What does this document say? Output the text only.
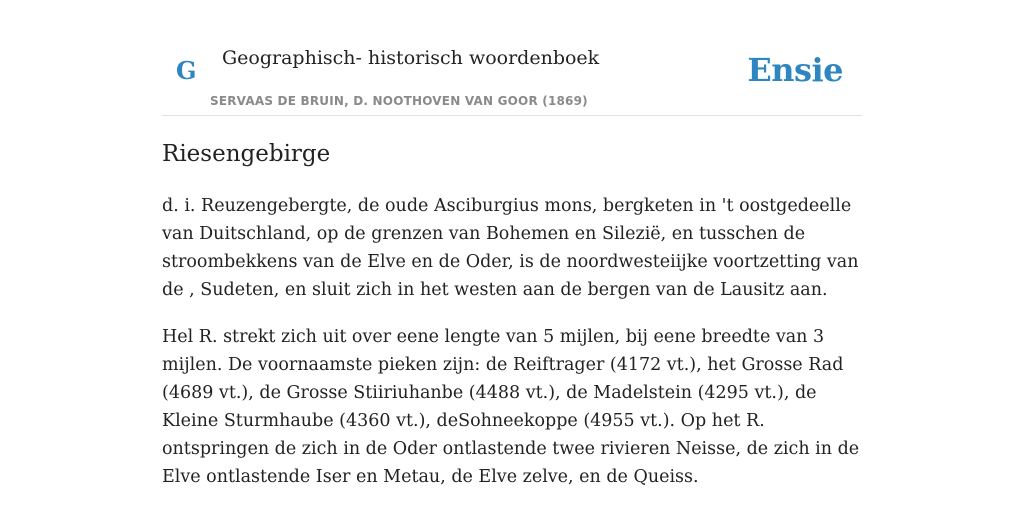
G Geographisch- historisch woordenboek
SERVAAS DE BRUIN, D. NOOTHOVEN VAN GOOR (1869)
Ensie
Riesengebirge

d. i. Reuzengebergte, de oude Asciburgius mons, bergketen in 't oostgedeelle van Duitschland, op de grenzen van Bohemen en Silezië, en tusschen de stroombekkens van de Elve en de Oder, is de noordwesteiijke voortzetting van de , Sudeten, en sluit zich in het westen aan de bergen van de Lausitz aan.

Hel R. strekt zich uit over eene lengte van 5 mijlen, bij eene breedte van 3 mijlen. De voornaamste pieken zijn: de Reiftrager (4172 vt.), het Grosse Rad (4689 vt.), de Grosse Stiiriuhanbe (4488 vt.), de Madelstein (4295 vt.), de Kleine Sturmhaube (4360 vt.), deSohneekoppe (4955 vt.). Op het R. ontspringen de zich in de Oder ontlastende twee rivieren Neisse, de zich in de Elve ontlastende Iser en Metau, de Elve zelve, en de Queiss.
